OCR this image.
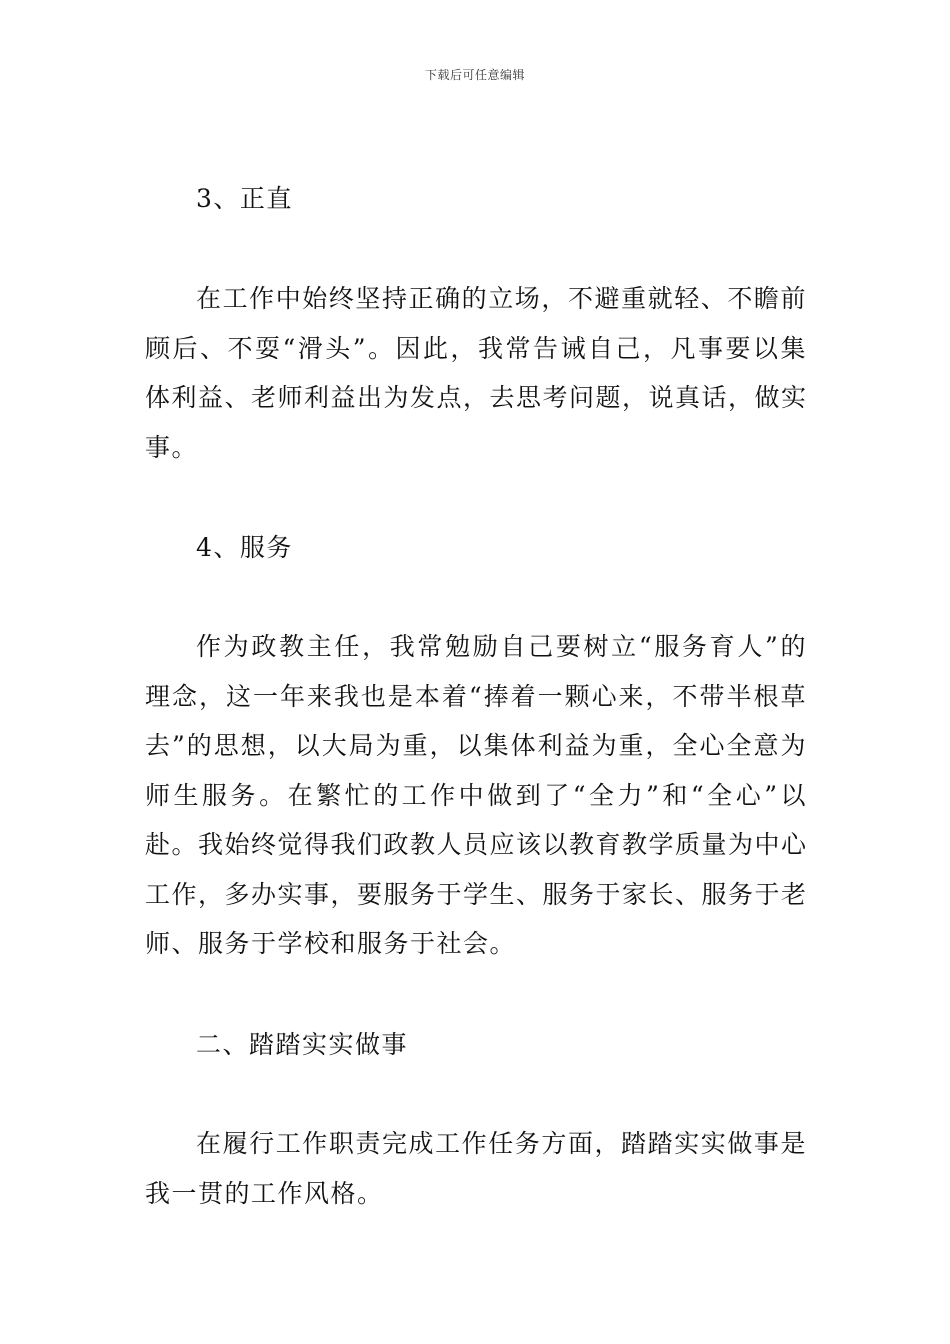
下载后可任意编辑
3、正直
在工作中始终坚持正确的立场，不避重就轻、不瞻前
顾后、不耍“滑头”。因此，我常告诫自己，凡事要以集
体利益、老师利益出为发点，去思考问题，说真话，做实
事。
4、服务
作为政教主任，我常勉励自己要树立“服务育人”的
理念，这一年来我也是本着“捧着一颗心来，不带半根草
去”的思想，以大局为重，以集体利益为重，全心全意为
师生服务。在繁忙的工作中做到了“全力”和“全心”以
赴。我始终觉得我们政教人员应该以教育教学质量为中心
工作，多办实事，要服务于学生、服务于家长、服务于老
师、服务于学校和服务于社会。
二、踏踏实实做事
在履行工作职责完成工作任务方面，踏踏实实做事是
我一贯的工作风格。
